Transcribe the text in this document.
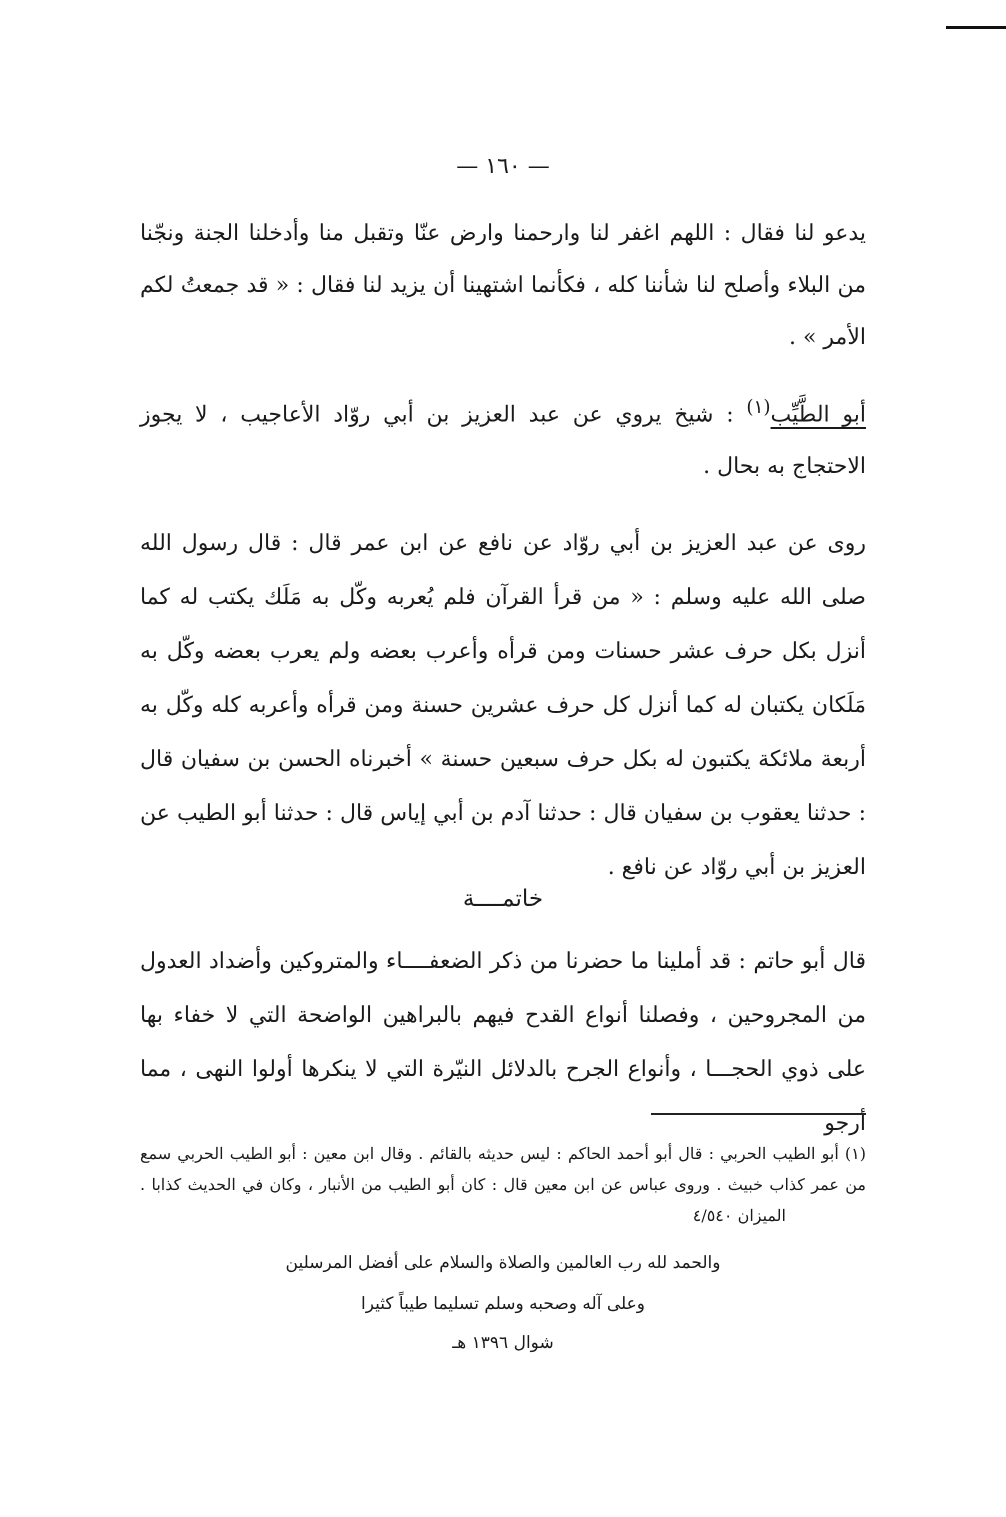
— ١٦٠ —
يدعو لنا فقال : اللهم اغفر لنا وارحمنا وارض عنّا وتقبل منا وأدخلنا الجنة ونجّنا من البلاء وأصلح لنا شأننا كله ، فكأنما اشتهينا أن يزيد لنا فقال : « قد جمعتُ لكم الأمر » .
أبو الطَّيِّب$^{(١)}$ : شيخ يروي عن عبد العزيز بن أبي روّاد الأعاجيب ، لا يجوز الاحتجاج به بحال .
روى عن عبد العزيز بن أبي روّاد عن نافع عن ابن عمر قال : قال رسول الله صلى الله عليه وسلم : « من قرأ القرآن فلم يُعربه وكّل به مَلَك يكتب له كما أنزل بكل حرف عشر حسنات ومن قرأه وأعرب بعضه ولم يعرب بعضه وكّل به مَلَكان يكتبان له كما أنزل كل حرف عشرين حسنة ومن قرأه وأعربه كله وكّل به أربعة ملائكة يكتبون له بكل حرف سبعين حسنة » أخبرناه الحسن بن سفيان قال : حدثنا يعقوب بن سفيان قال : حدثنا آدم بن أبي إياس قال : حدثنا أبو الطيب عن العزيز بن أبي روّاد عن نافع .
خاتمــــة
قال أبو حاتم : قد أملينا ما حضرنا من ذكر الضعفــــاء والمتروكين وأضداد العدول من المجروحين ، وفصلنا أنواع القدح فيهم بالبراهين الواضحة التي لا خفاء بها على ذوي الحجـــا ، وأنواع الجرح بالدلائل النيّرة التي لا ينكرها أولوا النهى ، مما أرجو
(١) أبو الطيب الحربي : قال أبو أحمد الحاكم : ليس حديثه بالقائم . وقال ابن معين : أبو الطيب الحربي سمع من عمر كذاب خبيث . وروى عباس عن ابن معين قال : كان أبو الطيب من الأنبار ، وكان في الحديث كذابا . الميزان ٤/٥٤٠
والحمد لله رب العالمين والصلاة والسلام على أفضل المرسلين
وعلى آله وصحبه وسلم تسليما طيباً كثيرا
شوال ١٣٩٦ هـ
